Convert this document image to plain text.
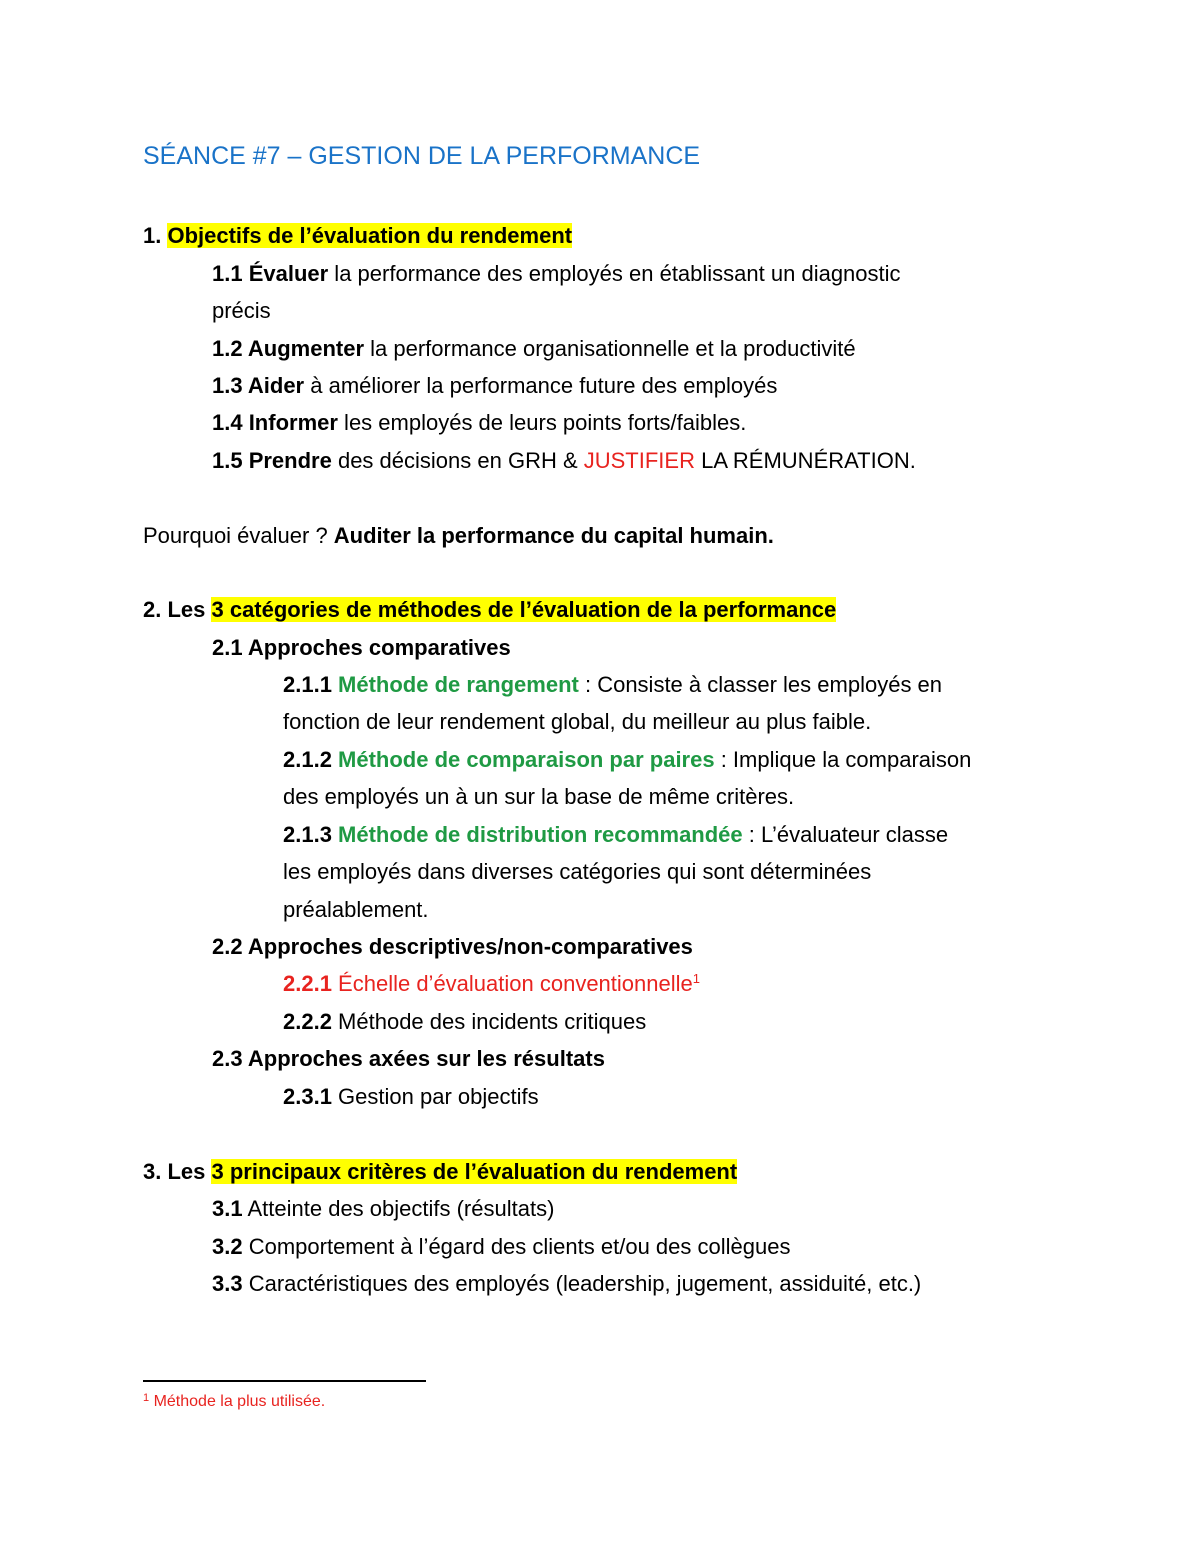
SÉANCE #7 – GESTION DE LA PERFORMANCE
1. Objectifs de l’évaluation du rendement
1.1 Évaluer la performance des employés en établissant un diagnostic
précis
1.2 Augmenter la performance organisationnelle et la productivité
1.3 Aider à améliorer la performance future des employés
1.4 Informer les employés de leurs points forts/faibles.
1.5 Prendre des décisions en GRH & JUSTIFIER LA RÉMUNÉRATION.
Pourquoi évaluer ? Auditer la performance du capital humain.
2. Les 3 catégories de méthodes de l’évaluation de la performance
2.1 Approches comparatives
2.1.1 Méthode de rangement : Consiste à classer les employés en
fonction de leur rendement global, du meilleur au plus faible.
2.1.2 Méthode de comparaison par paires : Implique la comparaison
des employés un à un sur la base de même critères.
2.1.3 Méthode de distribution recommandée : L’évaluateur classe
les employés dans diverses catégories qui sont déterminées
préalablement.
2.2 Approches descriptives/non-comparatives
2.2.1 Échelle d’évaluation conventionnelle$^1$
2.2.2 Méthode des incidents critiques
2.3 Approches axées sur les résultats
2.3.1 Gestion par objectifs
3. Les 3 principaux critères de l’évaluation du rendement
3.1 Atteinte des objectifs (résultats)
3.2 Comportement à l’égard des clients et/ou des collègues
3.3 Caractéristiques des employés (leadership, jugement, assiduité, etc.)
$^1$ Méthode la plus utilisée.
